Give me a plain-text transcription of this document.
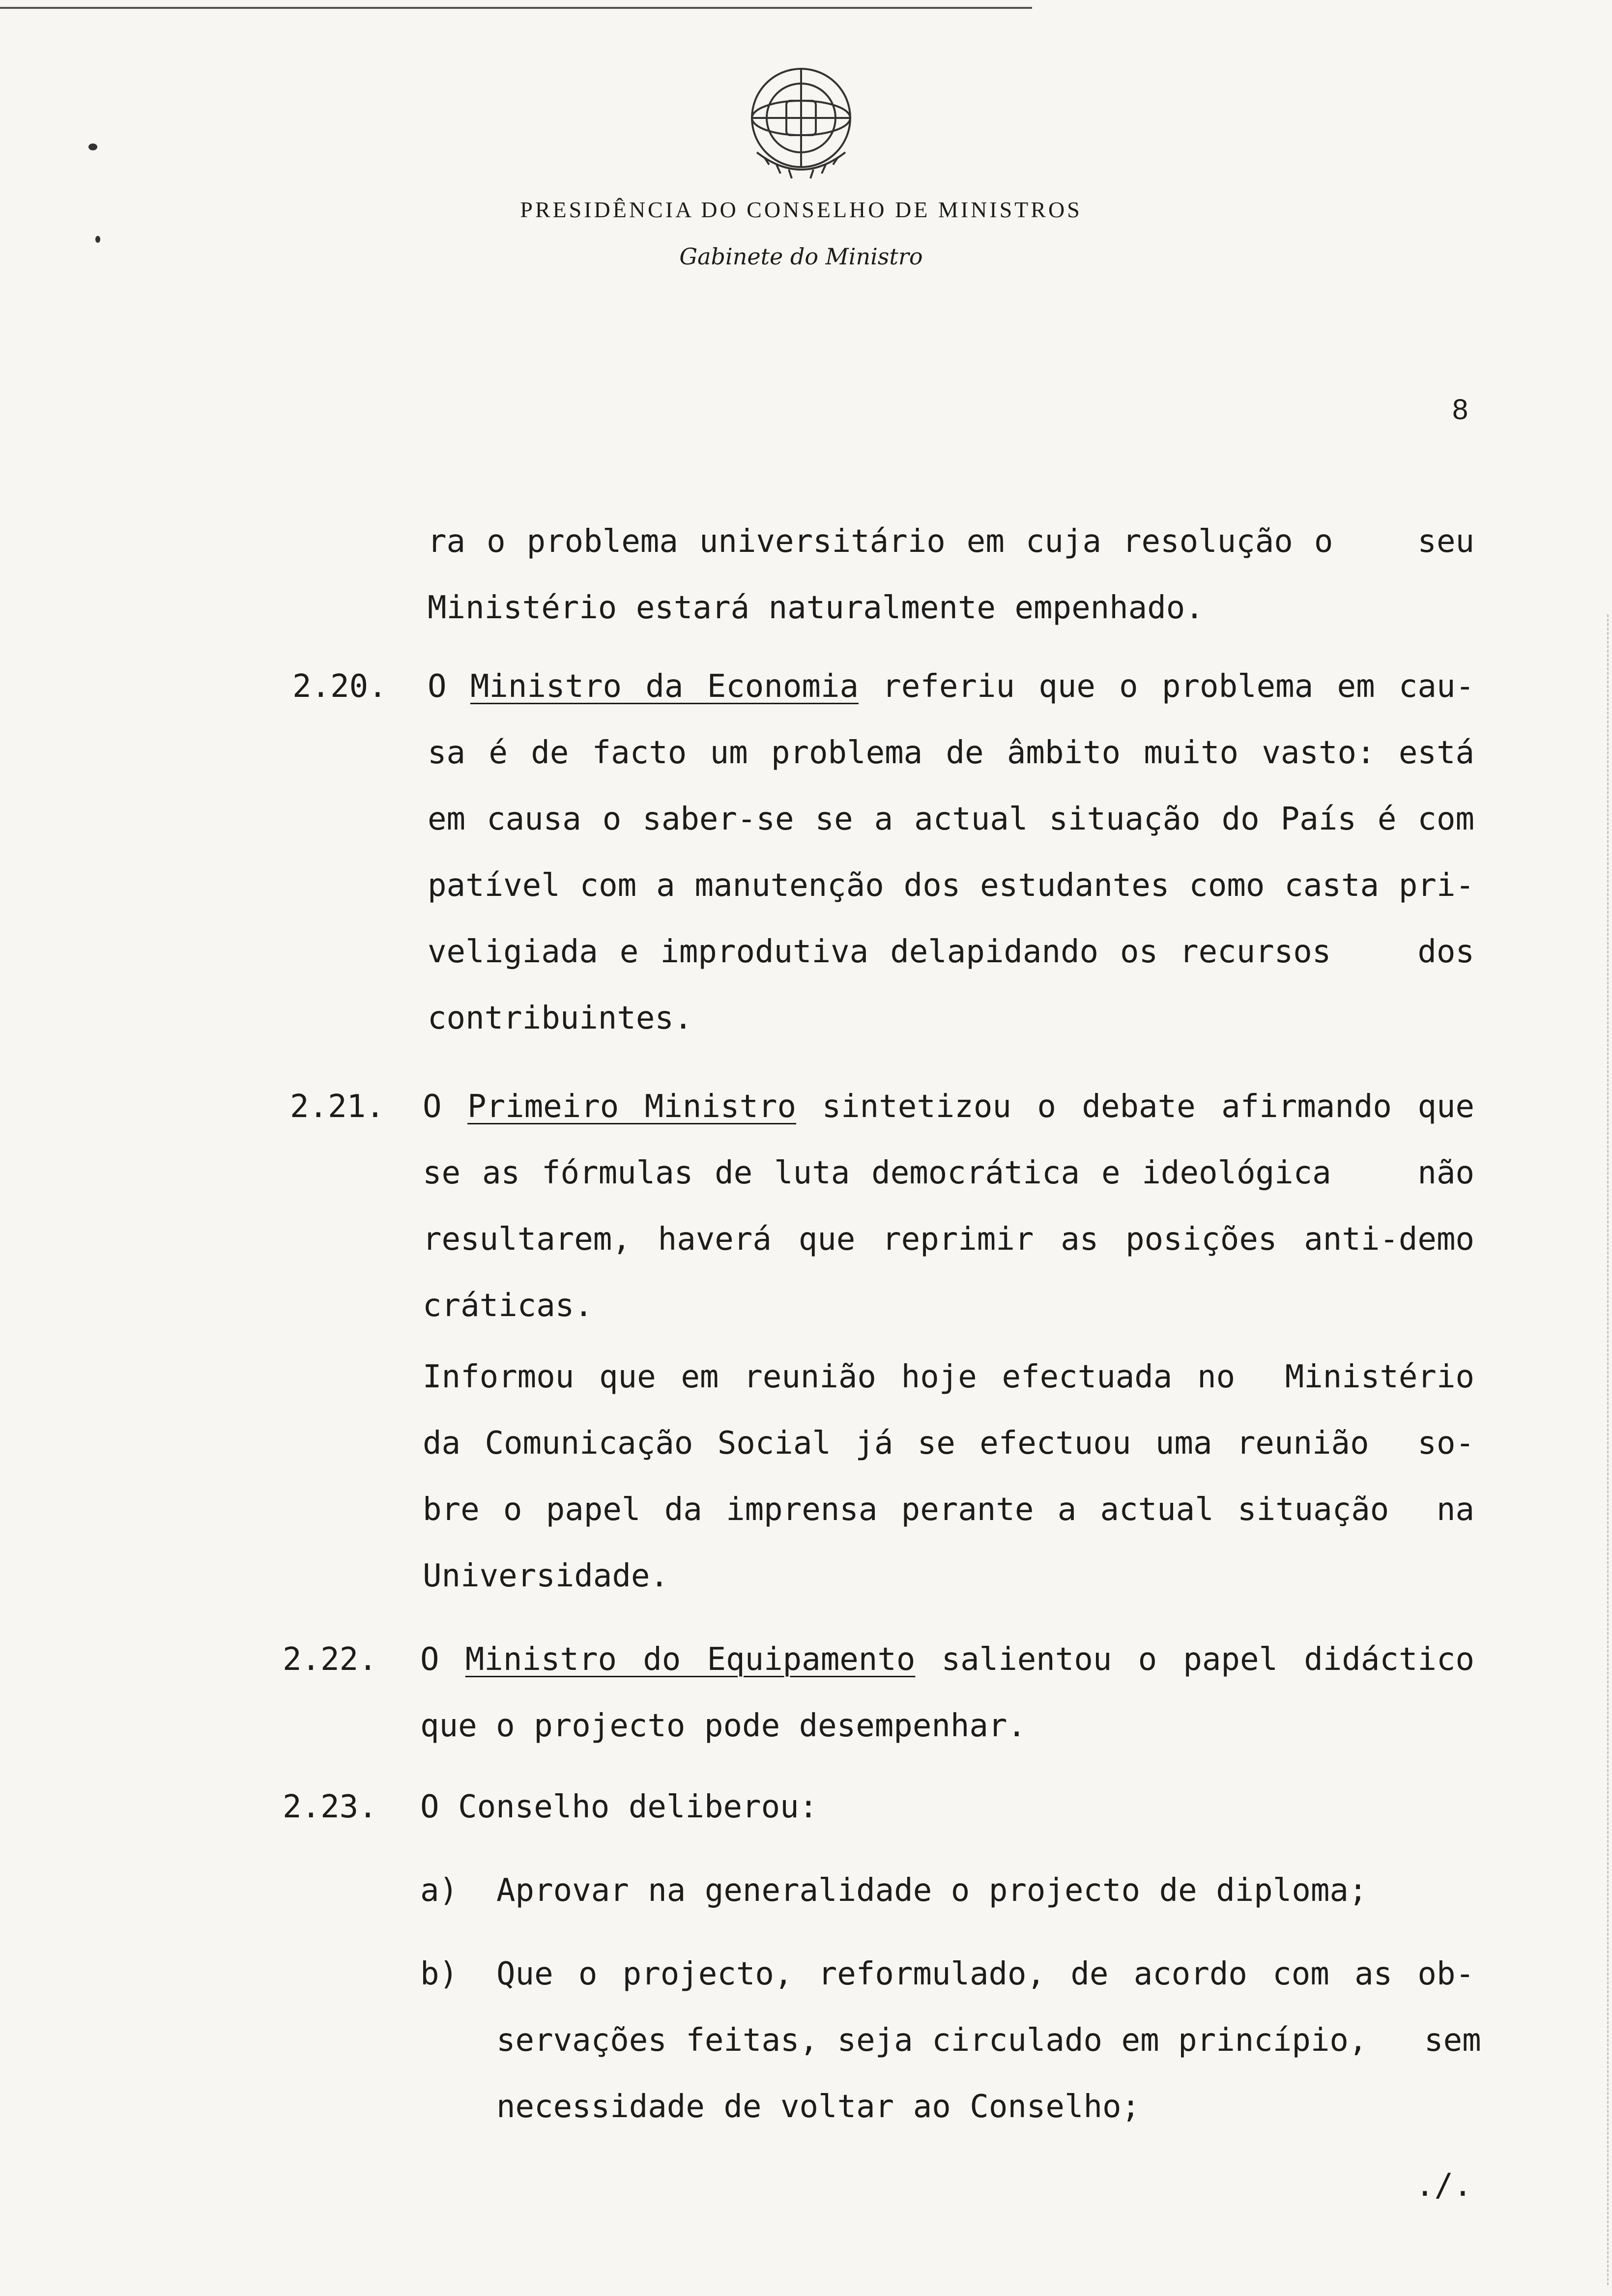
PRESIDÊNCIA DO CONSELHO DE MINISTROS
Gabinete do Ministro
8
ra o problema universitário em cuja resolução o    seu
Ministério estará naturalmente empenhado.
2.20. O Ministro da Economia referiu que o problema em cau-
sa é de facto um problema de âmbito muito vasto: está
em causa o saber-se se a actual situação do País é com
patível com a manutenção dos estudantes como casta pri-
veligiada e improdutiva delapidando os recursos    dos
contribuintes.
2.21. O Primeiro Ministro sintetizou o debate afirmando que
se as fórmulas de luta democrática e ideológica    não
resultarem, haverá que reprimir as posições anti-demo
cráticas.
Informou que em reunião hoje efectuada no  Ministério
da Comunicação Social já se efectuou uma reunião  so-
bre o papel da imprensa perante a actual situação  na
Universidade.
2.22. O Ministro do Equipamento salientou o papel didáctico
que o projecto pode desempenhar.
2.23. O Conselho deliberou:
a) Aprovar na generalidade o projecto de diploma;
b) Que o projecto, reformulado, de acordo com as ob-
servações feitas, seja circulado em princípio,   sem
necessidade de voltar ao Conselho;
./.
